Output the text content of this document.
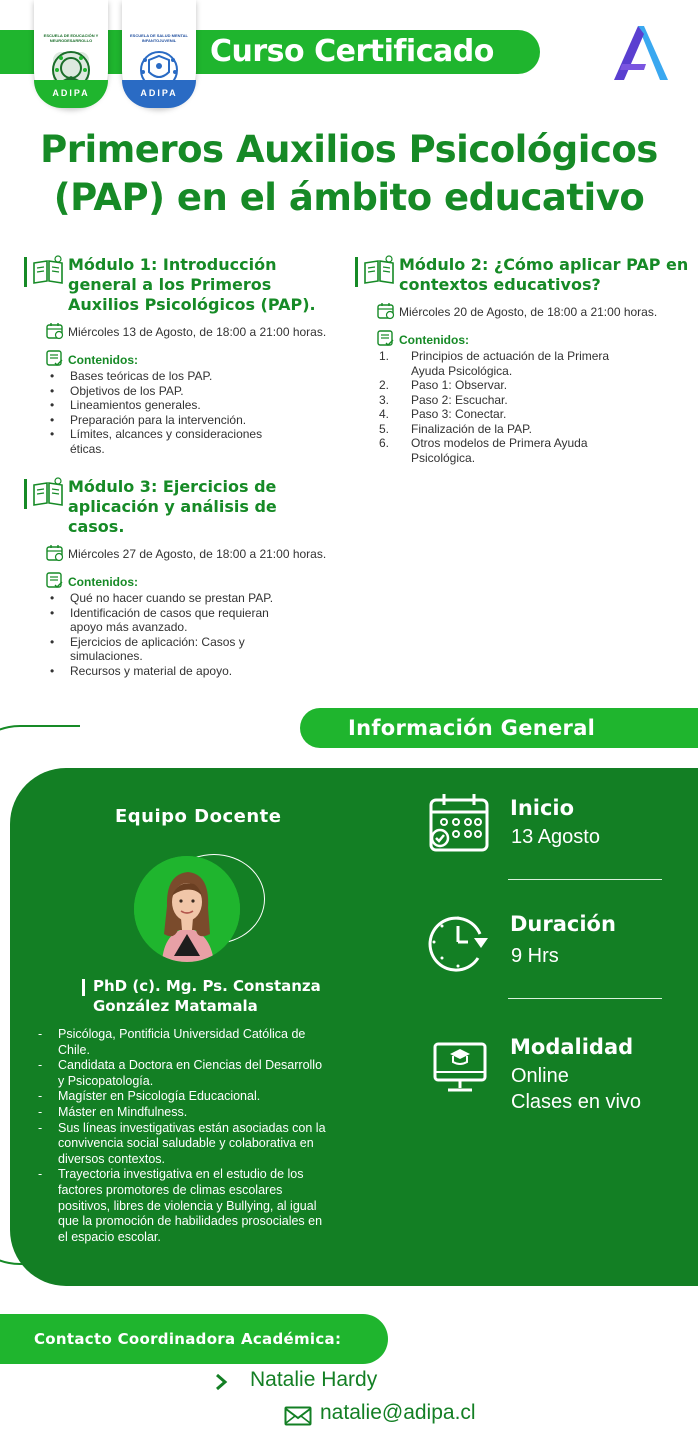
Curso Certificado
ESCUELA DE EDUCACIÓN Y NEURODESARROLLO
ADIPA
ESCUELA DE SALUD MENTAL INFANTOJUVENIL
ADIPA
Primeros Auxilios Psicológicos
(PAP) en el ámbito educativo
Módulo 1: Introducción
general a los Primeros
Auxilios Psicológicos (PAP).
Miércoles 13 de Agosto, de 18:00 a 21:00 horas.
Contenidos:
• Bases teóricas de los PAP.
• Objetivos de los PAP.
• Lineamientos generales.
• Preparación para la intervención.
• Límites, alcances y consideraciones
éticas.
Módulo 2: ¿Cómo aplicar PAP en
contextos educativos?
Miércoles 20 de Agosto, de 18:00 a 21:00 horas.
Contenidos:
1. Principios de actuación de la Primera
Ayuda Psicológica.
2. Paso 1: Observar.
3. Paso 2: Escuchar.
4. Paso 3: Conectar.
5. Finalización de la PAP.
6. Otros modelos de Primera Ayuda
Psicológica.
Módulo 3: Ejercicios de
aplicación y análisis de
casos.
Miércoles 27 de Agosto, de 18:00 a 21:00 horas.
Contenidos:
• Qué no hacer cuando se prestan PAP.
• Identificación de casos que requieran
apoyo más avanzado.
• Ejercicios de aplicación: Casos y
simulaciones.
• Recursos y material de apoyo.
Información General
Equipo Docente
PhD (c). Mg. Ps. Constanza
González Matamala
- Psicóloga, Pontificia Universidad Católica de
Chile.
- Candidata a Doctora en Ciencias del Desarrollo
y Psicopatología.
- Magíster en Psicología Educacional.
- Máster en Mindfulness.
- Sus líneas investigativas están asociadas con la
convivencia social saludable y colaborativa en
diversos contextos.
- Trayectoria investigativa en el estudio de los
factores promotores de climas escolares
positivos, libres de violencia y Bullying, al igual
que la promoción de habilidades prosociales en
el espacio escolar.
Inicio
13 Agosto
Duración
9 Hrs
Modalidad
Online
Clases en vivo
Contacto Coordinadora Académica:
Natalie Hardy
natalie@adipa.cl
